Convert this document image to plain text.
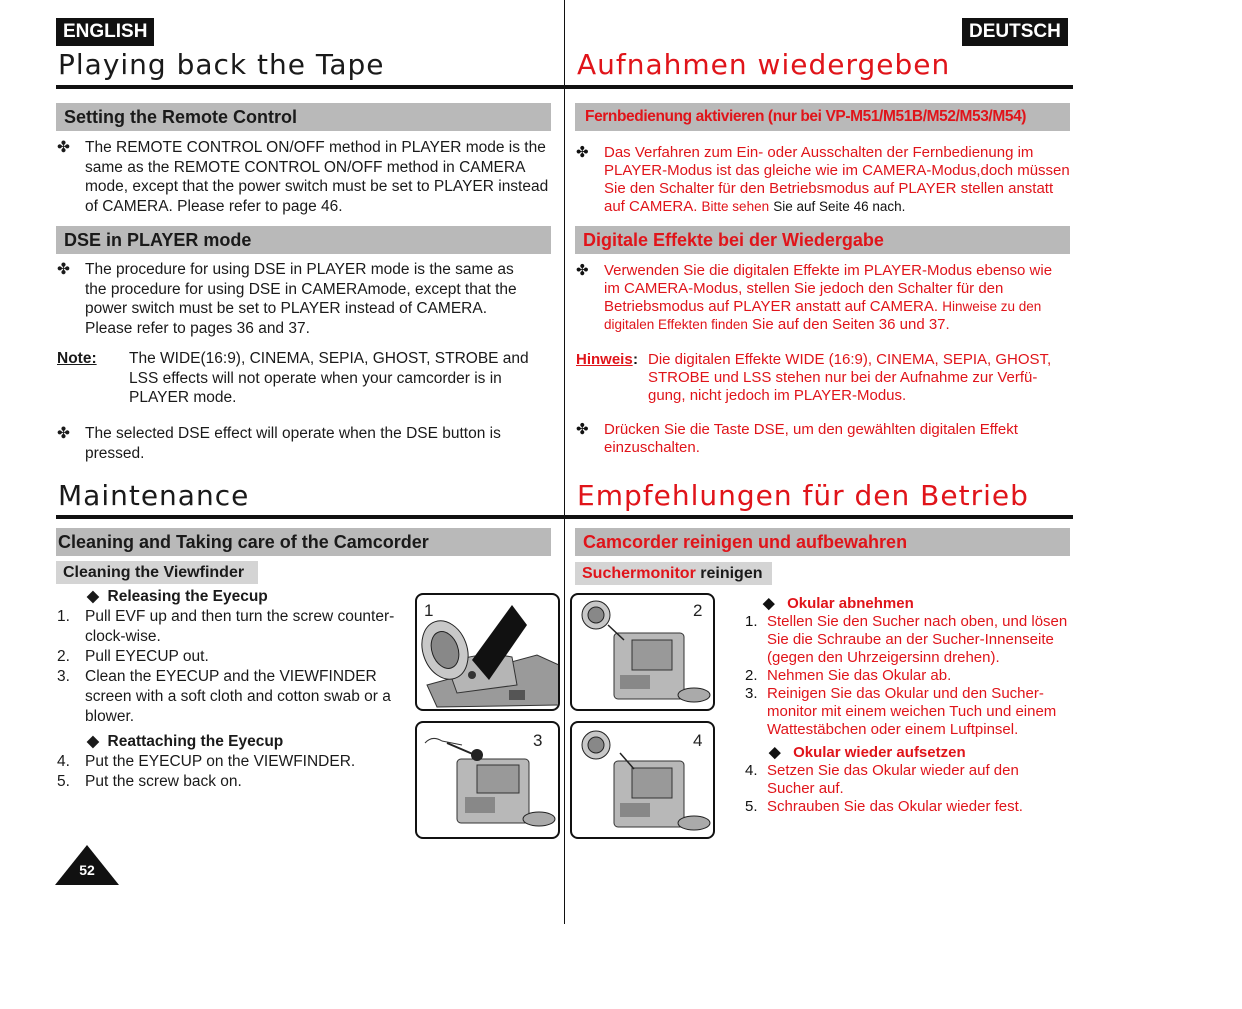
ENGLISH	DEUTSCH
Playing back the Tape	Aufnahmen wiedergeben
Setting the Remote Control	Fernbedienung aktivieren (nur bei VP-M51/M51B/M52/M53/M54)
✤ The REMOTE CONTROL ON/OFF method in PLAYER mode is the same as the REMOTE CONTROL ON/OFF method in CAMERA mode, except that the power switch must be set to PLAYER instead of CAMERA. Please refer to page 46.
✤ Das Verfahren zum Ein- oder Ausschalten der Fernbedienung im PLAYER-Modus ist das gleiche wie im CAMERA-Modus,doch müssen Sie den Schalter für den Betriebsmodus auf PLAYER stellen anstatt auf CAMERA. Bitte sehen Sie auf Seite 46 nach.
DSE in PLAYER mode	Digitale Effekte bei der Wiedergabe
✤ The procedure for using DSE in PLAYER mode is the same as the procedure for using DSE in CAMERAmode, except that the power switch must be set to PLAYER instead of CAMERA. Please refer to pages 36 and 37.
✤ Verwenden Sie die digitalen Effekte im PLAYER-Modus ebenso wie im CAMERA-Modus, stellen Sie jedoch den Schalter für den Betriebsmodus auf PLAYER anstatt auf CAMERA. Hinweise zu den digitalen Effekten finden Sie auf den Seiten 36 und 37.
Note: The WIDE(16:9), CINEMA, SEPIA, GHOST, STROBE and LSS effects will not operate when your camcorder is in PLAYER mode.
Hinweis : Die digitalen Effekte WIDE (16:9), CINEMA, SEPIA, GHOST, STROBE und LSS stehen nur bei der Aufnahme zur Verfü-gung, nicht jedoch im PLAYER-Modus.
✤ The selected DSE effect will operate when the DSE button is pressed.
✤ Drücken Sie die Taste DSE, um den gewählten digitalen Effekt einzuschalten.
Maintenance	Empfehlungen für den Betrieb
Cleaning and Taking care of the Camcorder	Camcorder reinigen und aufbewahren
Cleaning the Viewfinder	Suchermonitor reinigen
◆ Releasing the Eyecup
1. Pull EVF up and then turn the screw counter-clock-wise.
2. Pull EYECUP out.
3. Clean the EYECUP and the VIEWFINDER screen with a soft cloth and cotton swab or a blower.
◆ Reattaching the Eyecup
4. Put the EYECUP on the VIEWFINDER.
5. Put the screw back on.
◆ Okular abnehmen
1. Stellen Sie den Sucher nach oben, und lösen Sie die Schraube an der Sucher-Innenseite (gegen den Uhrzeigersinn drehen).
2. Nehmen Sie das Okular ab.
3. Reinigen Sie das Okular und den Sucher-monitor mit einem weichen Tuch und einem Wattestäbchen oder einem Luftpinsel.
◆ Okular wieder aufsetzen
4. Setzen Sie das Okular wieder auf den Sucher auf.
5. Schrauben Sie das Okular wieder fest.
1	2
3	4
52
